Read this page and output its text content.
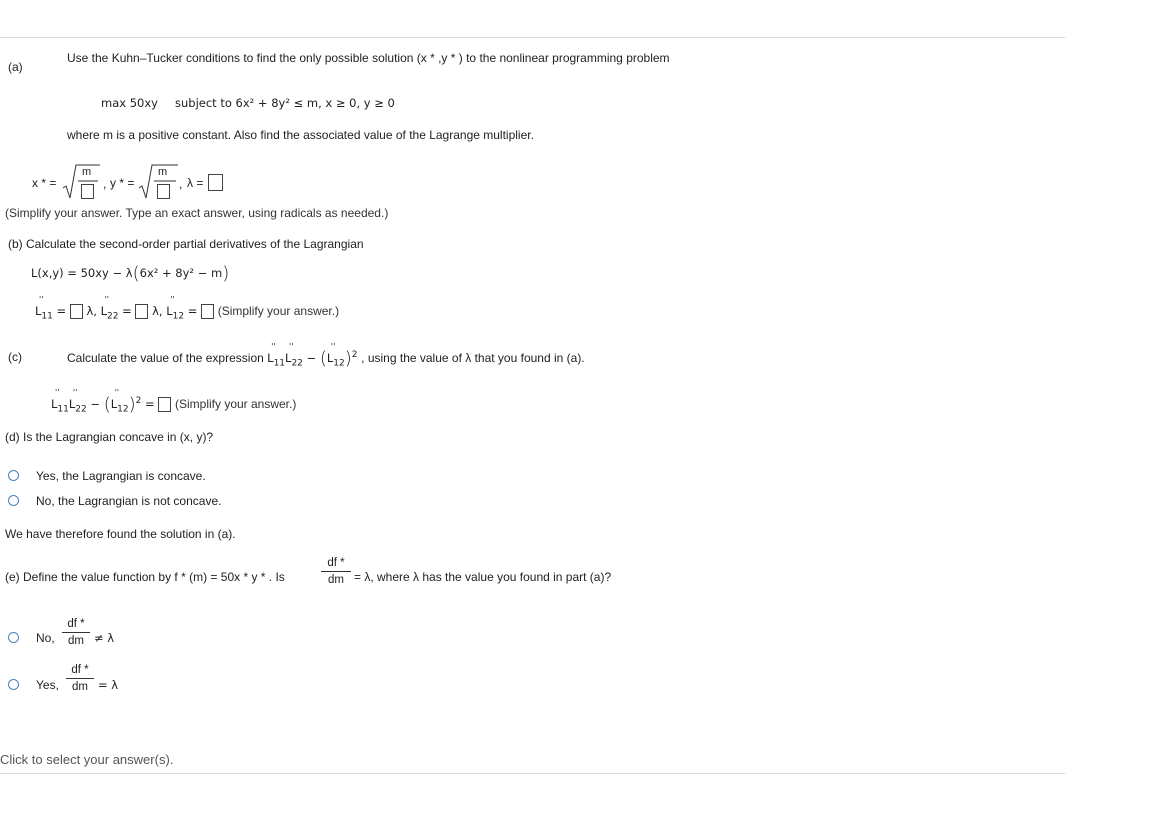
(a)
Use the Kuhn–Tucker conditions to find the only possible solution (x * ,y * ) to the nonlinear programming problem
max 50xy subject to 6x² + 8y² ≤ m, x ≥ 0, y ≥ 0
where m is a positive constant. Also find the associated value of the Lagrange multiplier.
x * =
m
, y * =
m
, λ =
(Simplify your answer. Type an exact answer, using radicals as needed.)
(b) Calculate the second-order partial derivatives of the Lagrangian
L(x,y) = 50xy − λ(6x² + 8y² − m)
'' $L_{11} = \lambda$, '' $L_{22} = \lambda$, '' $L_{12}$ =  (Simplify your answer.)
(c)	Calculate the value of the expression '' $L_{11}''$ $L_{22}$ − ('' $L_{12})^2$ , using the value of λ that you found in (a).
'' $L_{11}''$ $L_{22}$ − ('' $L_{12})^2$ =  (Simplify your answer.)
(d) Is the Lagrangian concave in (x, y)?
Yes, the Lagrangian is concave.
No, the Lagrangian is not concave.
We have therefore found the solution in (a).
(e) Define the value function by f * (m) = 50x * y * . Is	$\frac{df *}{dm} = \lambda$, where λ has the value you found in part (a)?
No, $\frac{df *}{dm} \ne \lambda$
Yes, $\frac{df *}{dm} = \lambda$
Click to select your answer(s).
